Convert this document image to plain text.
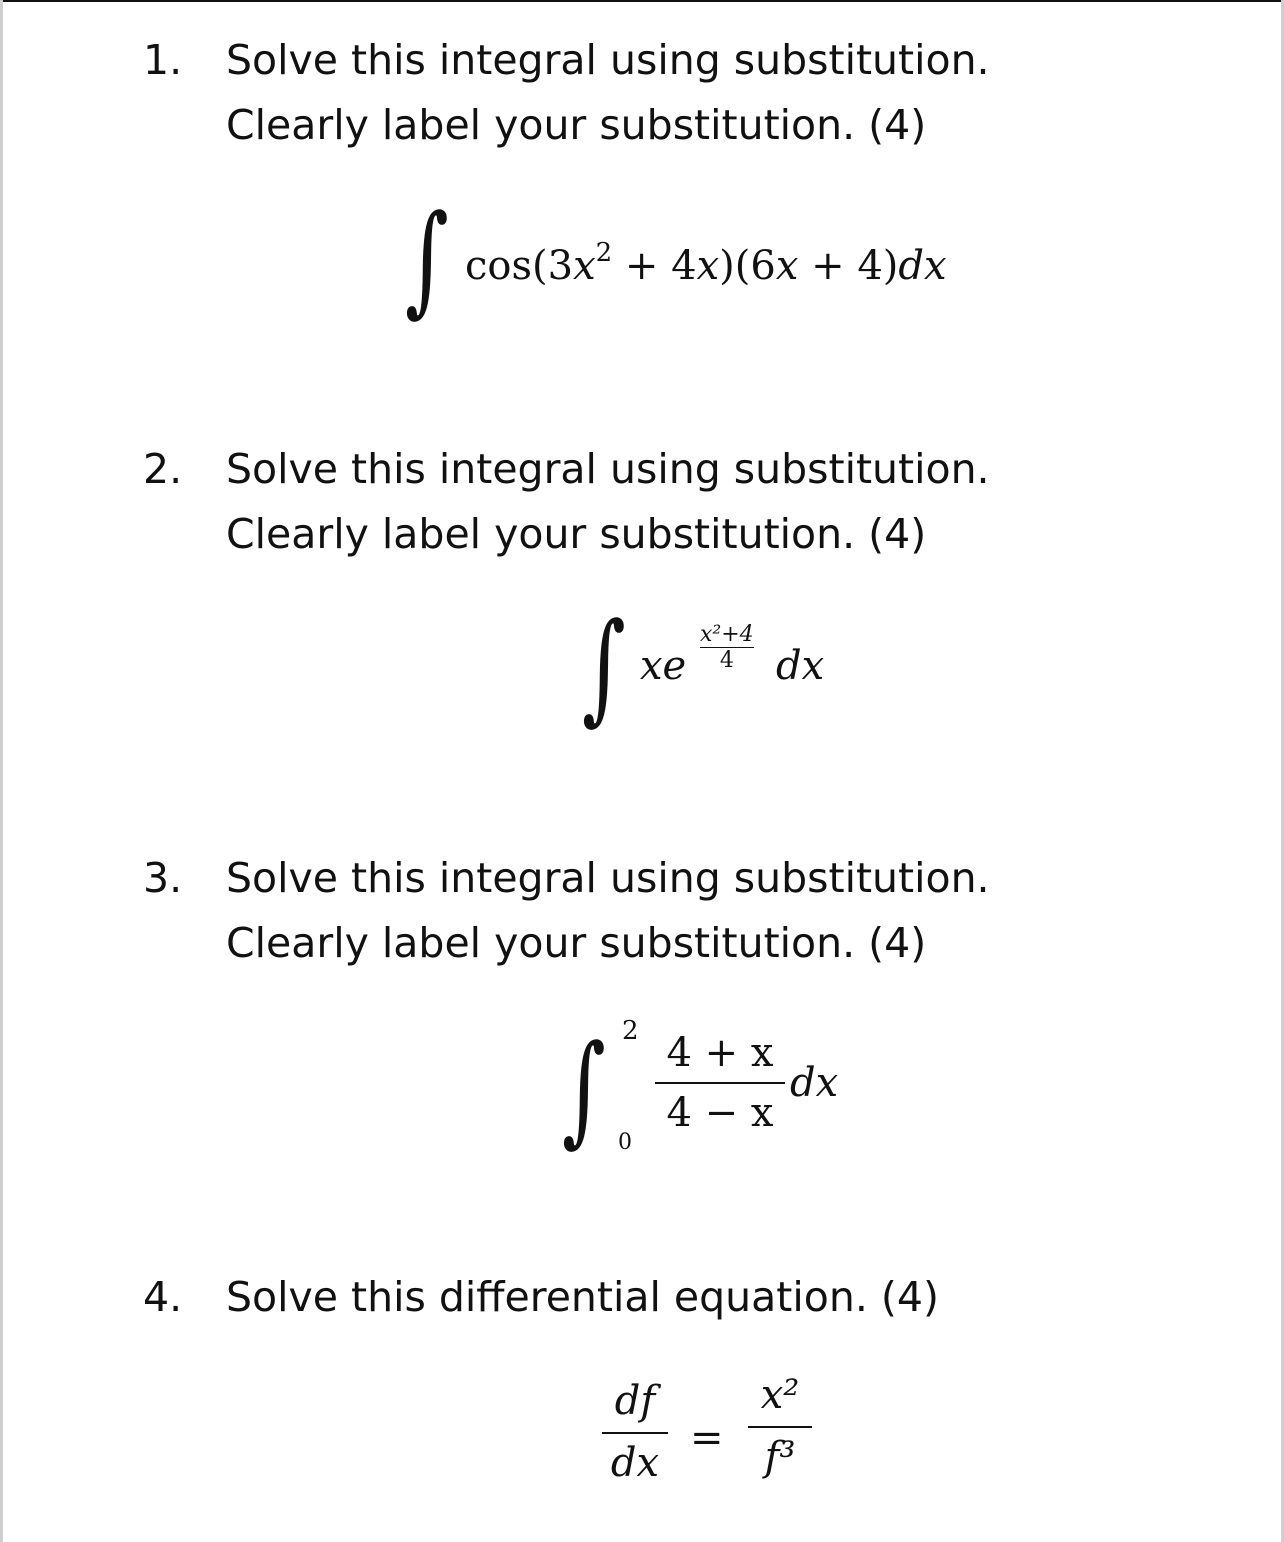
1. Solve this integral using substitution.
Clearly label your substitution. (4)
∫ $\cos(3x^2 + 4x)(6x + 4)dx$
2. Solve this integral using substitution.
Clearly label your substitution. (4)
∫ xe
x²+4
4 dx
3. Solve this integral using substitution.
Clearly label your substitution. (4)
∫ 2
0
4 + x
4 − x
dx
4. Solve this differential equation. (4)
df
dx
=
x²
f³
